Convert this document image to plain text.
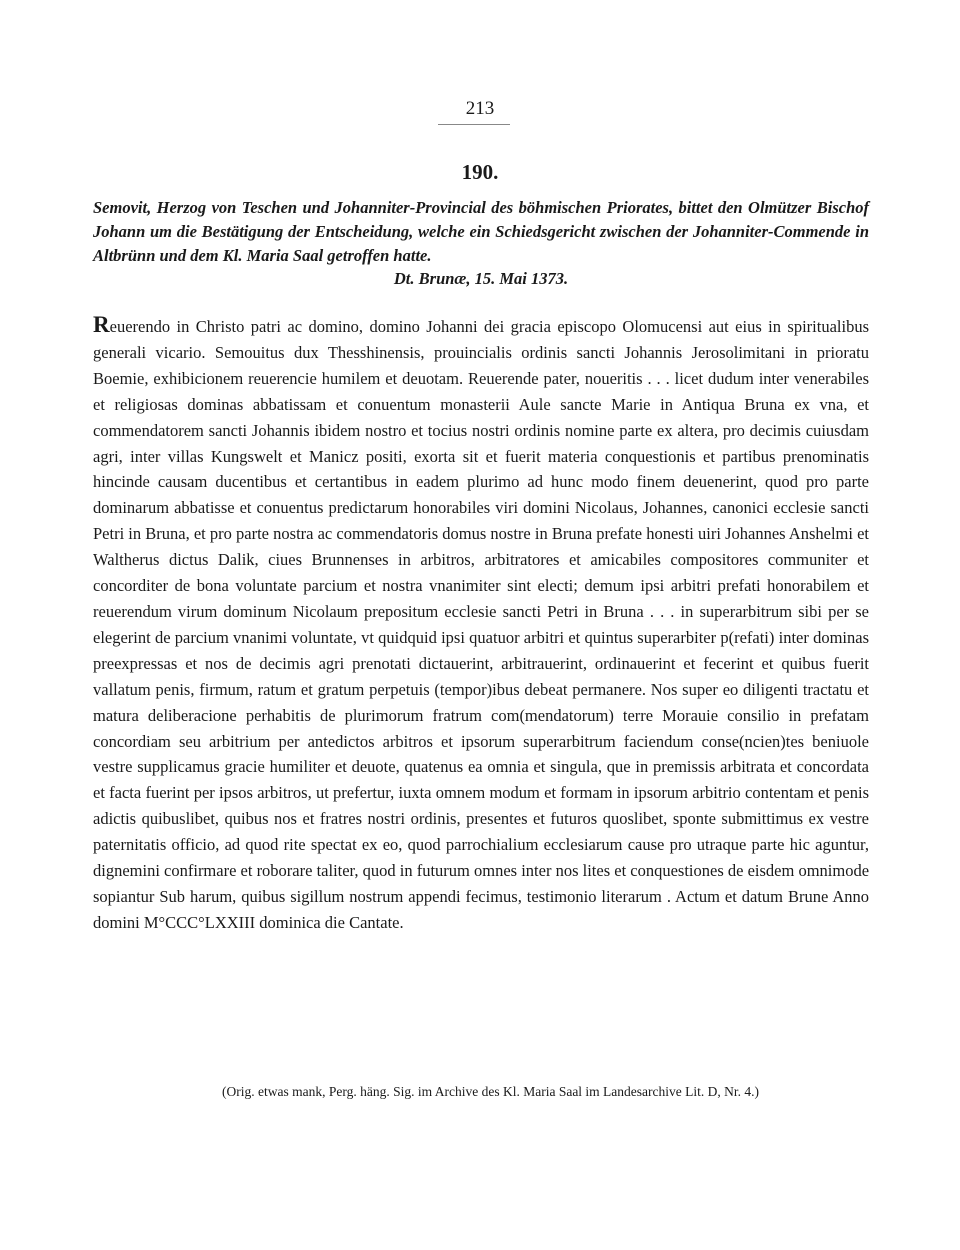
213
190.
Semovit, Herzog von Teschen und Johanniter-Provincial des böhmischen Priorates, bittet den Olmützer Bischof Johann um die Bestätigung der Entscheidung, welche ein Schiedsgericht zwischen der Johanniter-Commende in Altbrünn und dem Kl. Maria Saal getroffen hatte.
Dt. Brunæ, 15. Mai 1373.
Reuerendo in Christo patri ac domino, domino Johanni dei gracia episcopo Olomucensi aut eius in spiritualibus generali vicario. Semouitus dux Thesshinensis, prouincialis ordinis sancti Johannis Jerosolimitani in prioratu Boemie, exhibicionem reuerencie humilem et deuotam. Reuerende pater, noueritis . . . licet dudum inter venerabiles et religiosas dominas abbatissam et conuentum monasterii Aule sancte Marie in Antiqua Bruna ex vna, et commendatorem sancti Johannis ibidem nostro et tocius nostri ordinis nomine parte ex altera, pro decimis cuiusdam agri, inter villas Kungswelt et Manicz positi, exorta sit et fuerit materia conquestionis et partibus prenominatis hincinde causam ducentibus et certantibus in eadem plurimo ad hunc modo finem deuenerint, quod pro parte dominarum abbatisse et conuentus predictarum honorabiles viri domini Nicolaus, Johannes, canonici ecclesie sancti Petri in Bruna, et pro parte nostra ac commendatoris domus nostre in Bruna prefate honesti uiri Johannes Anshelmi et Waltherus dictus Dalik, ciues Brunnenses in arbitros, arbitratores et amicabiles compositores communiter et concorditer de bona voluntate parcium et nostra vnanimiter sint electi; demum ipsi arbitri prefati honorabilem et reuerendum virum dominum Nicolaum prepositum ecclesie sancti Petri in Bruna . . . in superarbitrum sibi per se elegerint de parcium vnanimi voluntate, vt quidquid ipsi quatuor arbitri et quintus superarbiter p(refati) inter dominas preexpressas et nos de decimis agri prenotati dictauerint, arbitrauerint, ordinauerint et fecerint et quibus fuerit vallatum penis, firmum, ratum et gratum perpetuis (tempor)ibus debeat permanere. Nos super eo diligenti tractatu et matura deliberacione perhabitis de plurimorum fratrum com(mendatorum) terre Morauie consilio in prefatam concordiam seu arbitrium per antedictos arbitros et ipsorum superarbitrum faciendum conse(ncien)tes beniuole vestre supplicamus gracie humiliter et deuote, quatenus ea omnia et singula, que in premissis arbitrata et concordata et facta fuerint per ipsos arbitros, ut prefertur, iuxta omnem modum et formam in ipsorum arbitrio contentam et penis adictis quibuslibet, quibus nos et fratres nostri ordinis, presentes et futuros quoslibet, sponte submittimus ex vestre paternitatis officio, ad quod rite spectat ex eo, quod parrochialium ecclesiarum cause pro utraque parte hic aguntur, dignemini confirmare et roborare taliter, quod in futurum omnes inter nos lites et conquestiones de eisdem omnimode sopiantur Sub harum, quibus sigillum nostrum appendi fecimus, testimonio literarum . Actum et datum Brune Anno domini M°CCC°LXXIII dominica die Cantate.
(Orig. etwas mank, Perg. häng. Sig. im Archive des Kl. Maria Saal im Landesarchive Lit. D, Nr. 4.)
